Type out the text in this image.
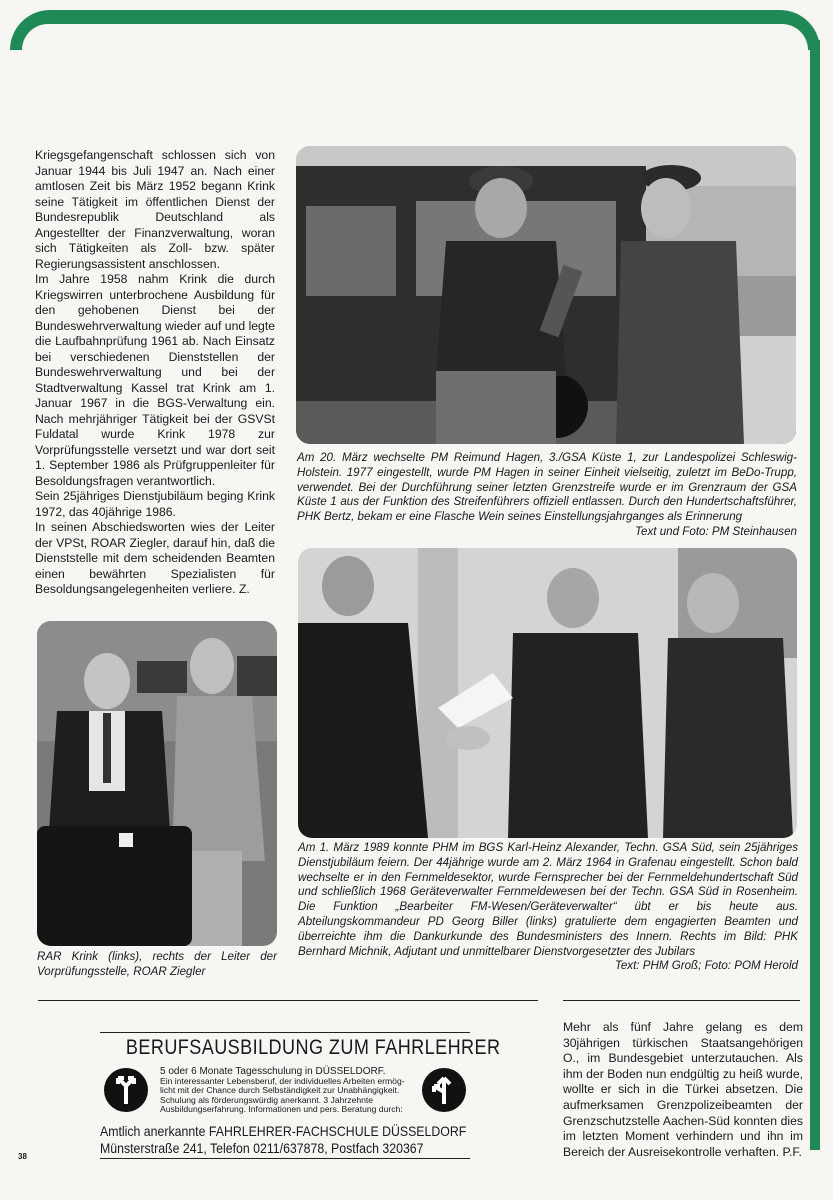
Kriegsgefangenschaft schlossen sich von Januar 1944 bis Juli 1947 an. Nach einer amtlosen Zeit bis März 1952 begann Krink seine Tätigkeit im öffentlichen Dienst der Bundesrepublik Deutschland als Angestellter der Finanzverwaltung, woran sich Tätigkeiten als Zoll- bzw. später Regierungsassistent anschlossen.

Im Jahre 1958 nahm Krink die durch Kriegswirren unterbrochene Ausbildung für den gehobenen Dienst bei der Bundeswehrverwaltung wieder auf und legte die Laufbahnprüfung 1961 ab. Nach Einsatz bei verschiedenen Dienststellen der Bundeswehrverwaltung und bei der Stadtverwaltung Kassel trat Krink am 1. Januar 1967 in die BGS-Verwaltung ein. Nach mehrjähriger Tätigkeit bei der GSVSt Fuldatal wurde Krink 1978 zur Vorprüfungsstelle versetzt und war dort seit 1. September 1986 als Prüfgruppenleiter für Besoldungsfragen verantwortlich.

Sein 25jähriges Dienstjubiläum beging Krink 1972, das 40jährige 1986.

In seinen Abschiedsworten wies der Leiter der VPSt, ROAR Ziegler, darauf hin, daß die Dienststelle mit dem scheidenden Beamten einen bewährten Spezialisten für Besoldungsangelegenheiten verliere. Z.

Am 20. März wechselte PM Reimund Hagen, 3./GSA Küste 1, zur Landespolizei Schleswig-Holstein. 1977 eingestellt, wurde PM Hagen in seiner Einheit vielseitig, zuletzt im BeDo-Trupp, verwendet. Bei der Durchführung seiner letzten Grenzstreife wurde er im Grenzraum der GSA Küste 1 aus der Funktion des Streifenführers offiziell entlassen. Durch den Hundertschaftsführer, PHK Bertz, bekam er eine Flasche Wein seines Einstellungsjahrganges als Erinnerung
Text und Foto: PM Steinhausen
RAR Krink (links), rechts der Leiter der Vorprüfungsstelle, ROAR Ziegler
Am 1. März 1989 konnte PHM im BGS Karl-Heinz Alexander, Techn. GSA Süd, sein 25jähriges Dienstjubiläum feiern. Der 44jährige wurde am 2. März 1964 in Grafenau eingestellt. Schon bald wechselte er in den Fernmeldesektor, wurde Fernsprecher bei der Fernmeldehundertschaft Süd und schließlich 1968 Geräteverwalter Fernmeldewesen bei der Techn. GSA Süd in Rosenheim. Die Funktion „Bearbeiter FM-Wesen/Geräteverwalter“ übt er bis heute aus. Abteilungskommandeur PD Georg Biller (links) gratulierte dem engagierten Beamten und überreichte ihm die Dankurkunde des Bundesministers des Innern. Rechts im Bild: PHK Bernhard Michnik, Adjutant und unmittelbarer Dienstvorgesetzter des Jubilars
Text: PHM Groß; Foto: POM Herold
BERUFSAUSBILDUNG ZUM FAHRLEHRER
5 oder 6 Monate Tagesschulung in DÜSSELDORF.
Ein interessanter Lebensberuf, der individuelles Arbeiten ermög-
licht mit der Chance durch Selbständigkeit zur Unabhängigkeit.
Schulung als förderungswürdig anerkannt. 3 Jahrzehnte
Ausbildungserfahrung. Informationen und pers. Beratung durch:
Amtlich anerkannte FAHRLEHRER-FACHSCHULE DÜSSELDORF
Münsterstraße 241, Telefon 0211/637878, Postfach 320367
Mehr als fünf Jahre gelang es dem 30jährigen türkischen Staatsangehörigen O., im Bundesgebiet unterzutauchen. Als ihm der Boden nun endgültig zu heiß wurde, wollte er sich in die Türkei absetzen. Die aufmerksamen Grenzpolizeibeamten der Grenzschutzstelle Aachen-Süd konnten dies im letzten Moment verhindern und ihn im Bereich der Ausreisekontrolle verhaften. P.F.
38
